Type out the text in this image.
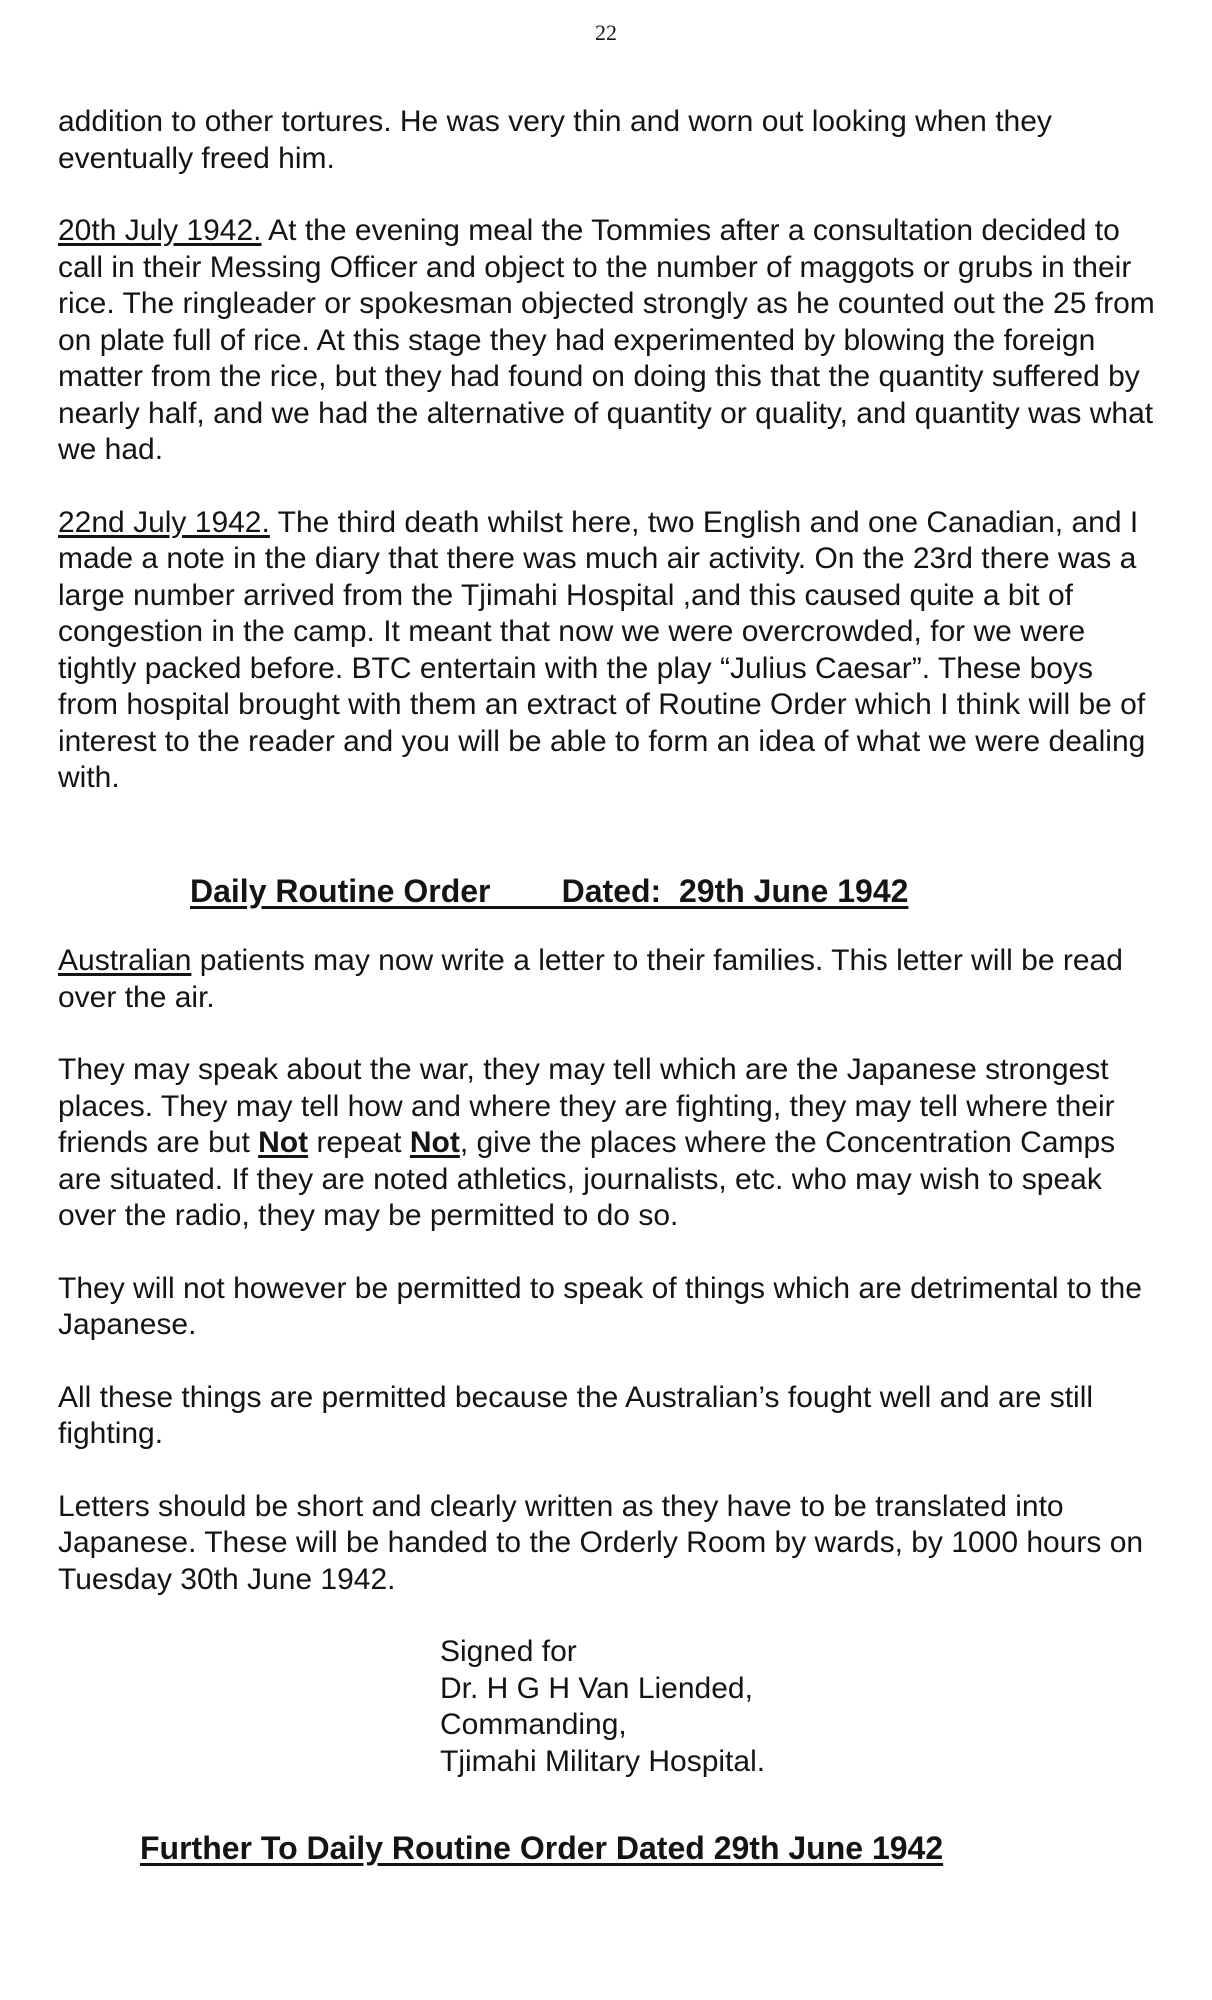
22

addition to other tortures. He was very thin and worn out looking when they eventually freed him.

20th July 1942. At the evening meal the Tommies after a consultation decided to call in their Messing Officer and object to the number of maggots or grubs in their rice. The ringleader or spokesman objected strongly as he counted out the 25 from on plate full of rice. At this stage they had experimented by blowing the foreign matter from the rice, but they had found on doing this that the quantity suffered by nearly half, and we had the alternative of quantity or quality, and quantity was what we had.

22nd July 1942. The third death whilst here, two English and one Canadian, and I made a note in the diary that there was much air activity. On the 23rd there was a large number arrived from the Tjimahi Hospital ,and this caused quite a bit of congestion in the camp. It meant that now we were overcrowded, for we were tightly packed before. BTC entertain with the play “Julius Caesar”. These boys from hospital brought with them an extract of Routine Order which I think will be of interest to the reader and you will be able to form an idea of what we were dealing with.

Daily Routine Order        Dated:  29th June 1942

Australian patients may now write a letter to their families. This letter will be read over the air.

They may speak about the war, they may tell which are the Japanese strongest places. They may tell how and where they are fighting, they may tell where their friends are but Not repeat Not, give the places where the Concentration Camps are situated. If they are noted athletics, journalists, etc. who may wish to speak over the radio, they may be permitted to do so.

They will not however be permitted to speak of things which are detrimental to the Japanese.

All these things are permitted because the Australian’s fought well and are still fighting.

Letters should be short and clearly written as they have to be translated into Japanese. These will be handed to the Orderly Room by wards, by 1000 hours on Tuesday 30th June 1942.

Signed for
Dr. H G H Van Liended,
Commanding,
Tjimahi Military Hospital.
Further To Daily Routine Order Dated 29th June 1942
